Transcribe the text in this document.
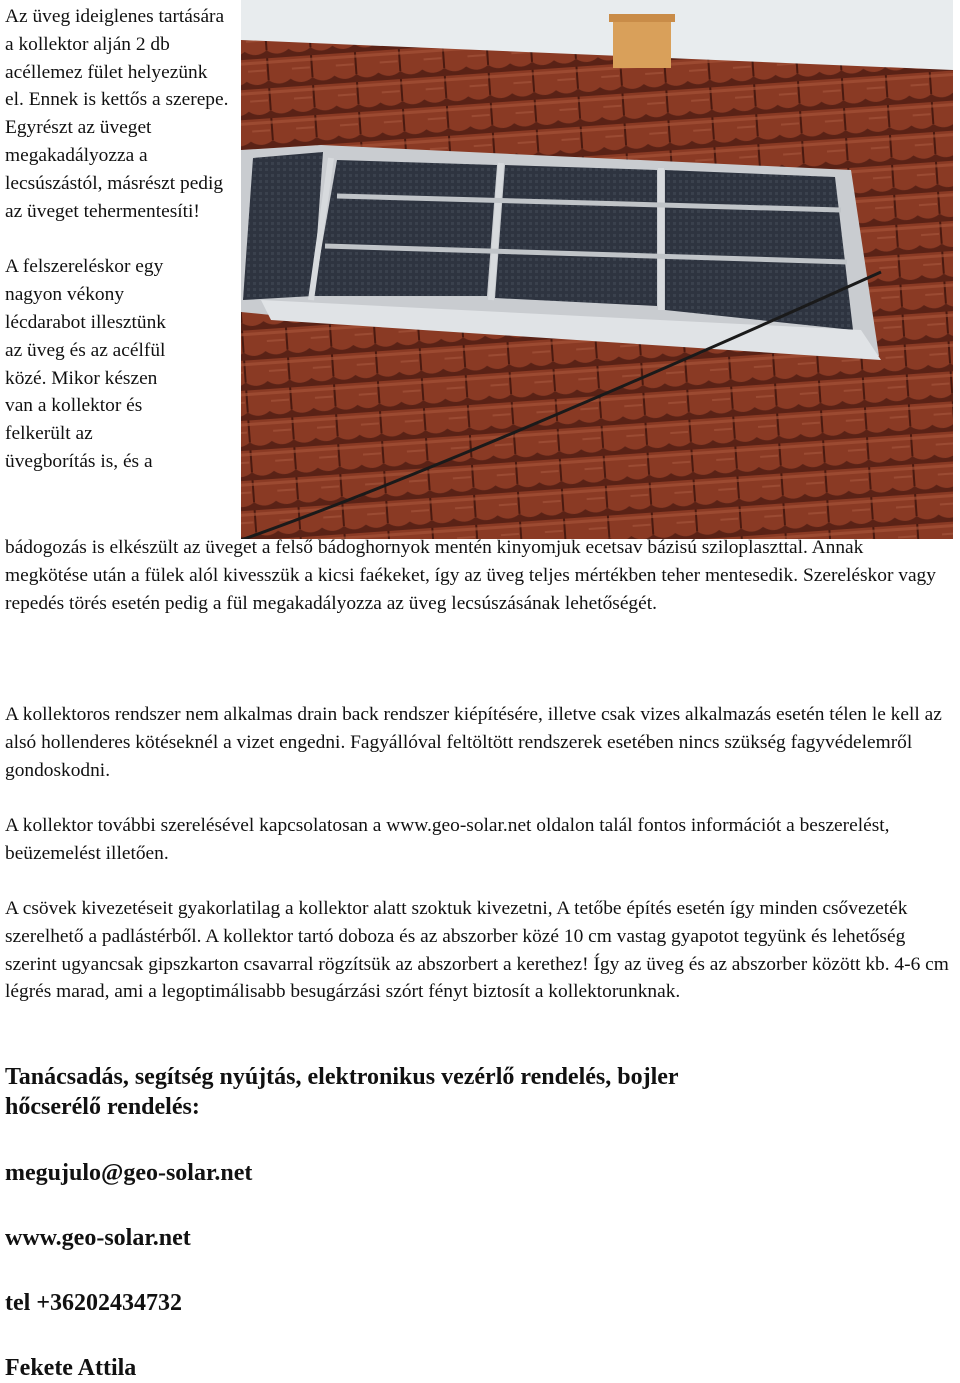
Az üveg ideiglenes tartására a kollektor alján 2 db acéllemez fület helyezünk el. Ennek is kettős a szerepe. Egyrészt az üveget megakadályozza a lecsúszástól, másrészt pedig az üveget tehermentesíti!

A felszereléskor egy
nagyon vékony
lécdarabot illesztünk
az üveg és az acélfül
közé. Mikor készen
van a kollektor és
felkerült az
üvegborítás is, és a

bádogozás is elkészült az üveget a felső bádoghornyok mentén kinyomjuk ecetsav bázisú sziloplaszttal. Annak megkötése után a fülek alól kivesszük a kicsi faékeket, így az üveg teljes mértékben teher mentesedik. Szereléskor vagy repedés törés esetén pedig a fül megakadályozza az üveg lecsúszásának lehetőségét.

A kollektoros rendszer nem alkalmas drain back rendszer kiépítésére, illetve csak vizes alkalmazás esetén télen le kell az alsó hollenderes kötéseknél a vizet engedni. Fagyállóval feltöltött rendszerek esetében nincs szükség fagyvédelemről gondoskodni.

A kollektor további szerelésével kapcsolatosan a www.geo-solar.net oldalon talál fontos információt a beszerelést, beüzemelést illetően.

A csövek kivezetéseit gyakorlatilag a kollektor alatt szoktuk kivezetni, A tetőbe építés esetén így minden csővezeték szerelhető a padlástérből. A kollektor tartó doboza és az abszorber közé 10 cm vastag gyapotot tegyünk és lehetőség szerint ugyancsak gipszkarton csavarral rögzítsük az abszorbert a kerethez! Így az üveg és az abszorber között kb. 4-6 cm légrés marad, ami a legoptimálisabb besugárzási szórt fényt biztosít a kollektorunknak.

Tanácsadás, segítség nyújtás, elektronikus vezérlő rendelés, bojler
hőcserélő rendelés:

megujulo@geo-solar.net

www.geo-solar.net

tel +36202434732

Fekete Attila
